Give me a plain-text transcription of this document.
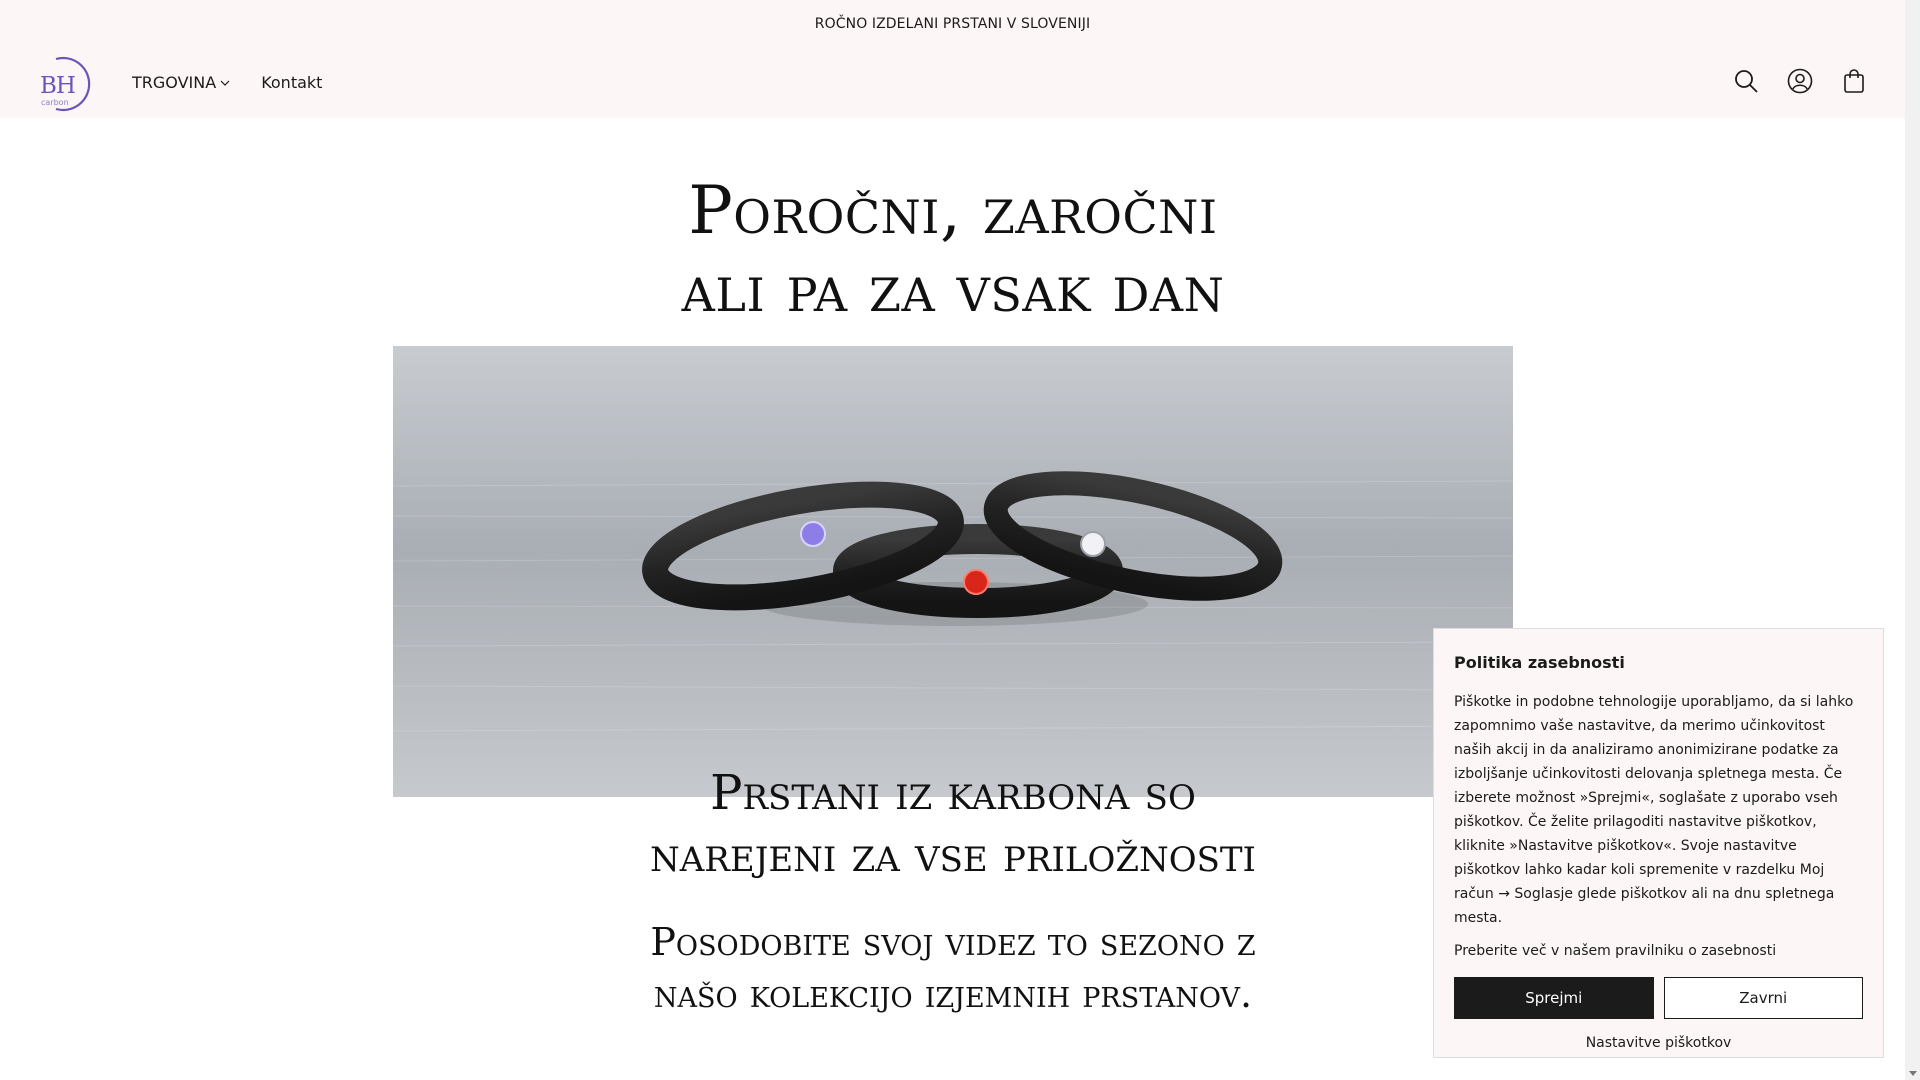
ROČNO IZDELANI PRSTANI V SLOVENIJI
BH
carbon
TRGOVINA	Kontakt
Poročni, zaročni
ali pa za vsak dan
Prstani iz karbona so
narejeni za vse priložnosti

Posodobite svoj videz to sezono z
našo kolekcijo izjemnih prstanov.

Politika zasebnosti

Piškotke in podobne tehnologije uporabljamo, da si lahko zapomnimo vaše nastavitve, da merimo učinkovitost naših akcij in da analiziramo anonimizirane podatke za izboljšanje učinkovitosti delovanja spletnega mesta. Če izberete možnost »Sprejmi«, soglašate z uporabo vseh piškotkov. Če želite prilagoditi nastavitve piškotkov, kliknite »Nastavitve piškotkov«. Svoje nastavitve piškotkov lahko kadar koli spremenite v razdelku Moj račun → Soglasje glede piškotkov ali na dnu spletnega mesta.

Preberite več v našem pravilniku o zasebnosti
Sprejmi	Zavrni
Nastavitve piškotkov
